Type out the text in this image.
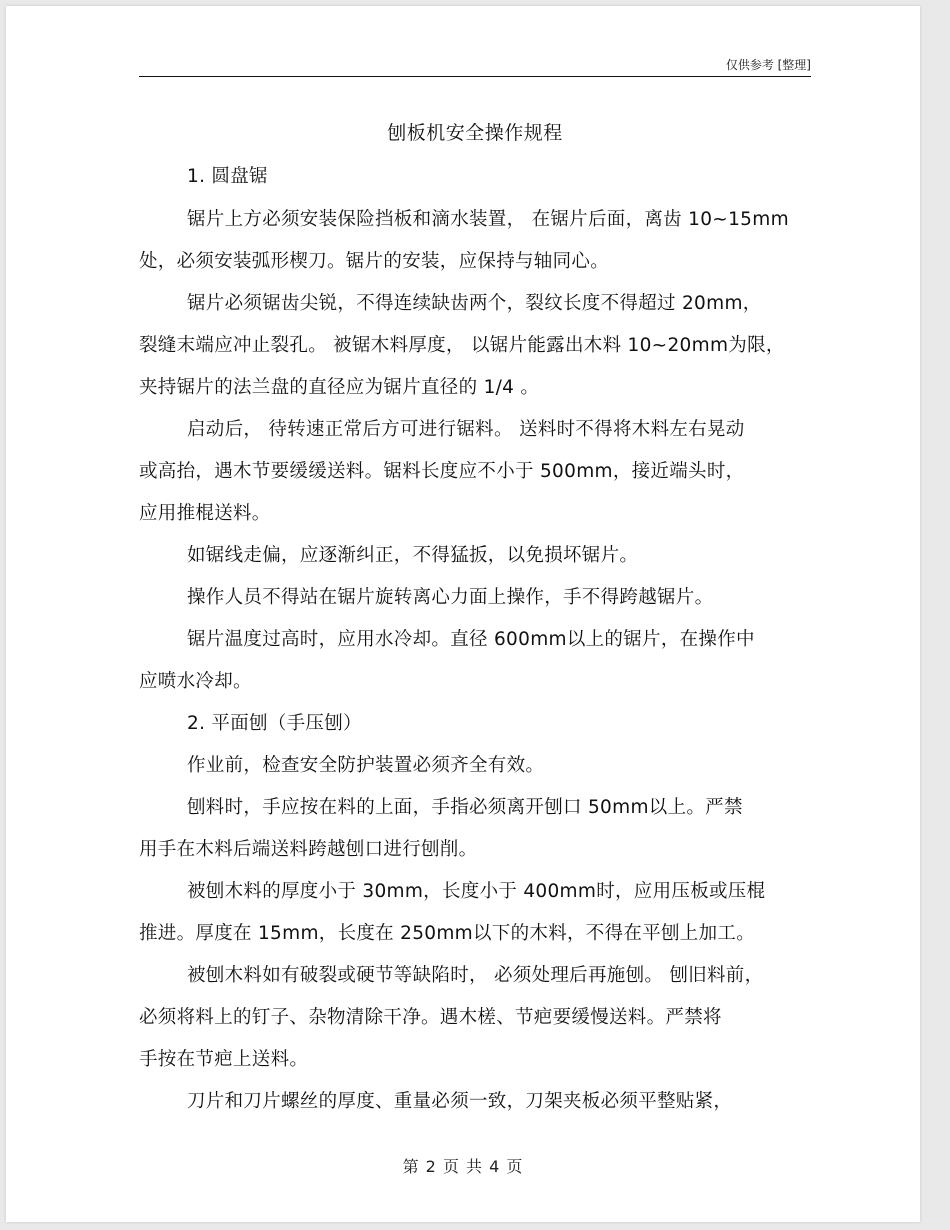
仅供参考 [整理]
刨板机安全操作规程
1. 圆盘锯
锯片上方必须安装保险挡板和滴水装置， 在锯片后面，离齿 10~15mm
处，必须安装弧形楔刀。锯片的安装，应保持与轴同心。
锯片必须锯齿尖锐，不得连续缺齿两个，裂纹长度不得超过 20mm，
裂缝末端应冲止裂孔。 被锯木料厚度， 以锯片能露出木料 10~20mm为限，
夹持锯片的法兰盘的直径应为锯片直径的 1/4 。
启动后， 待转速正常后方可进行锯料。 送料时不得将木料左右晃动
或高抬，遇木节要缓缓送料。锯料长度应不小于 500mm，接近端头时，
应用推棍送料。
如锯线走偏，应逐渐纠正，不得猛扳，以免损坏锯片。
操作人员不得站在锯片旋转离心力面上操作，手不得跨越锯片。
锯片温度过高时，应用水冷却。直径 600mm以上的锯片，在操作中
应喷水冷却。
2. 平面刨（手压刨）
作业前，检查安全防护装置必须齐全有效。
刨料时，手应按在料的上面，手指必须离开刨口 50mm以上。严禁
用手在木料后端送料跨越刨口进行刨削。
被刨木料的厚度小于 30mm，长度小于 400mm时，应用压板或压棍
推进。厚度在 15mm，长度在 250mm以下的木料，不得在平刨上加工。
被刨木料如有破裂或硬节等缺陷时， 必须处理后再施刨。 刨旧料前，
必须将料上的钉子、杂物清除干净。遇木槎、节疤要缓慢送料。严禁将
手按在节疤上送料。
刀片和刀片螺丝的厚度、重量必须一致，刀架夹板必须平整贴紧，
第 2 页 共 4 页
